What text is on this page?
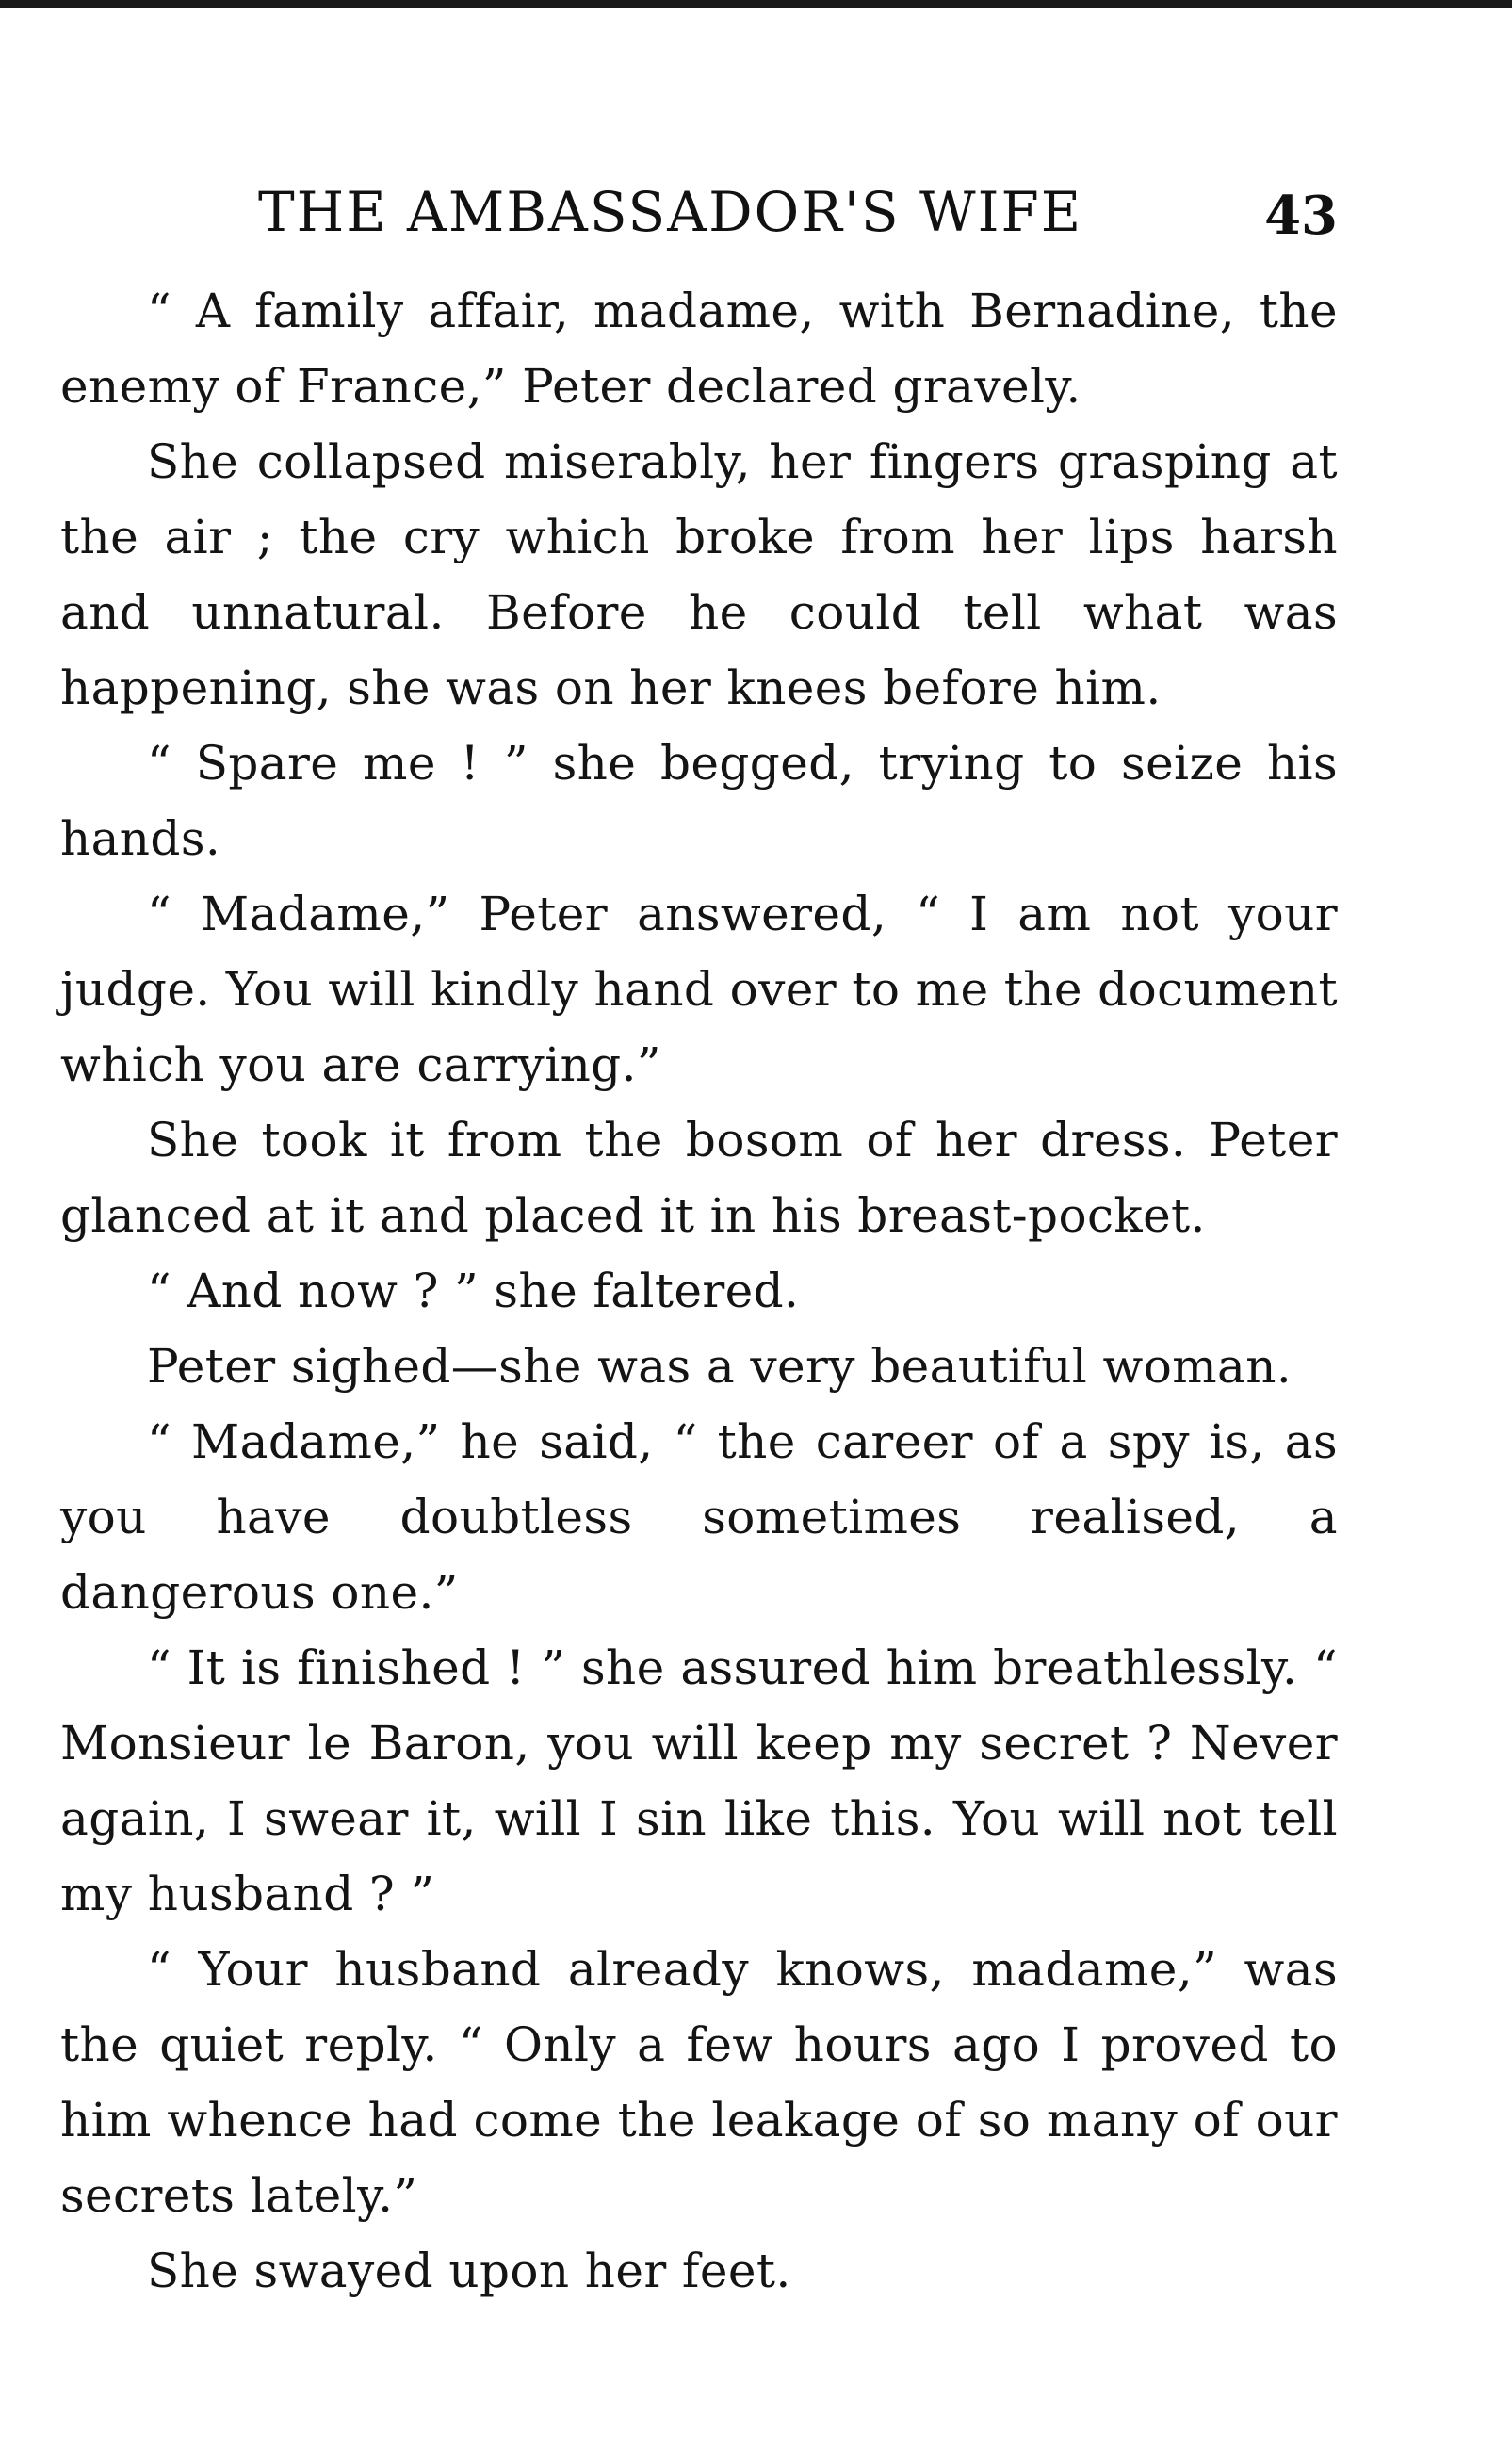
THE AMBASSADOR'S WIFE	43

“ A family affair, madame, with Bernadine, the enemy of France,” Peter declared gravely.

She collapsed miserably, her fingers grasping at the air ; the cry which broke from her lips harsh and unnatural. Before he could tell what was happening, she was on her knees before him.

“ Spare me ! ” she begged, trying to seize his hands.

“ Madame,” Peter answered, “ I am not your judge. You will kindly hand over to me the document which you are carrying.”

She took it from the bosom of her dress. Peter glanced at it and placed it in his breast-pocket.

“ And now ? ” she faltered.

Peter sighed—she was a very beautiful woman.

“ Madame,” he said, “ the career of a spy is, as you have doubtless sometimes realised, a dangerous one.”

“ It is finished ! ” she assured him breathlessly. “ Monsieur le Baron, you will keep my secret ? Never again, I swear it, will I sin like this. You will not tell my husband ? ”

“ Your husband already knows, madame,” was the quiet reply. “ Only a few hours ago I proved to him whence had come the leakage of so many of our secrets lately.”

She swayed upon her feet.
